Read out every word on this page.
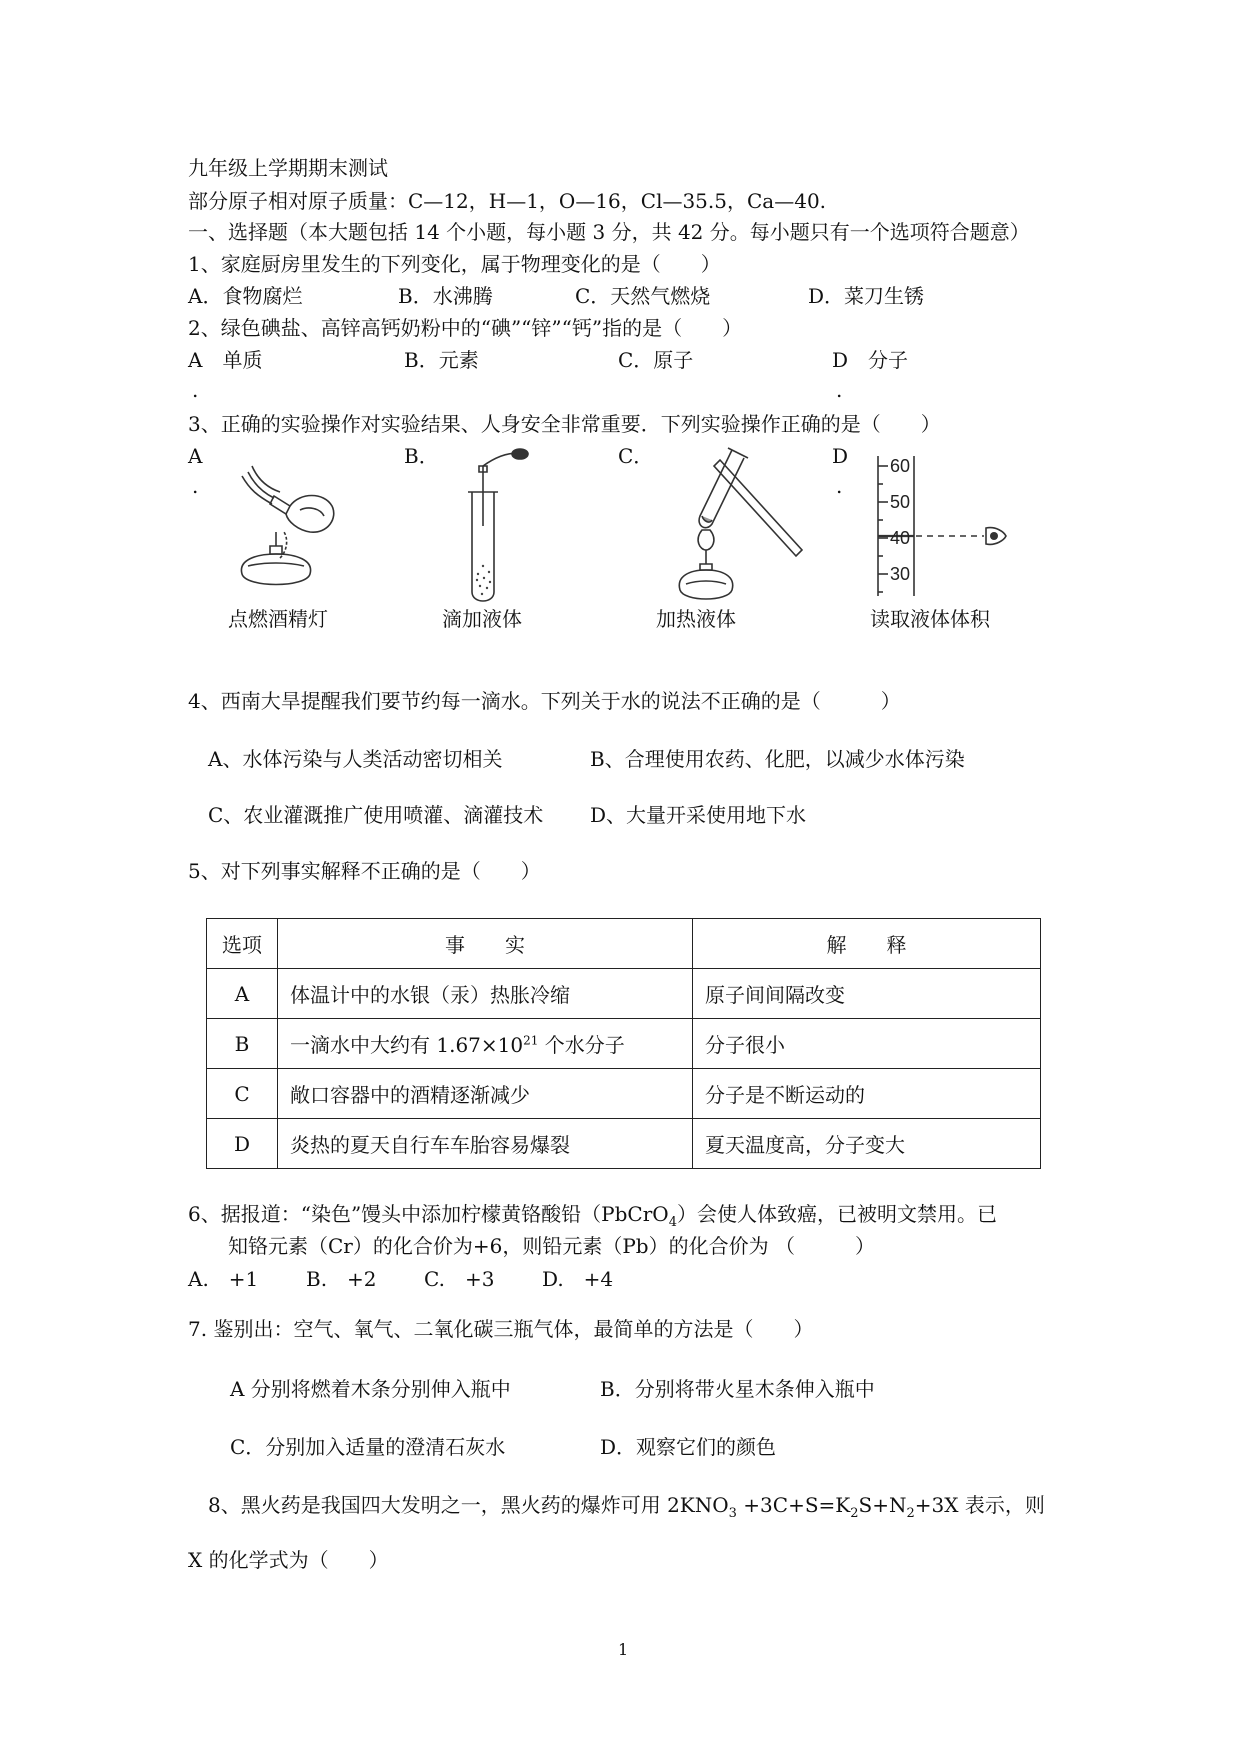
九年级上学期期末测试
部分原子相对原子质量：C—12，H—1，O—16，Cl—35.5，Ca—40.
一、选择题（本大题包括 14 个小题，每小题 3 分，共 42 分。每小题只有一个选项符合题意）
1、家庭厨房里发生的下列变化，属于物理变化的是（　　）
A．食物腐烂	B．水沸腾	C．天然气燃烧	D．菜刀生锈
2、绿色碘盐、高锌高钙奶粉中的“碘”“锌”“钙”指的是（　　）
A　单质	B．元素	C．原子	D　分子
.	.
3、正确的实验操作对实验结果、人身安全非常重要．下列实验操作正确的是（　　）
A	B．	C．	D
.	.
60
50
40
30
点燃酒精灯	滴加液体	加热液体	读取液体体积
4、西南大旱提醒我们要节约每一滴水。下列关于水的说法不正确的是（　　　）
A、水体污染与人类活动密切相关	B、合理使用农药、化肥，以减少水体污染
C、农业灌溉推广使用喷灌、滴灌技术 D、大量开采使用地下水
5、对下列事实解释不正确的是（　　）
选项	事　　实	解　　释
A	体温计中的水银（汞）热胀冷缩	原子间间隔改变
B	一滴水中大约有 $1.67\times 10^{21}$ 个水分子	分子很小
C	敞口容器中的酒精逐渐减少	分子是不断运动的
D	炎热的夏天自行车车胎容易爆裂	夏天温度高，分子变大
6、据报道：“染色”馒头中添加柠檬黄铬酸铅（PbCrO$_4$）会使人体致癌，已被明文禁用。已
知铬元素（Cr）的化合价为+6，则铅元素（Pb）的化合价为 （　　　）
A.　+1 B.　+2 C.　+3 D.　+4
7. 鉴别出：空气、氧气、二氧化碳三瓶气体，最简单的方法是（　　）
A 分别将燃着木条分别伸入瓶中	B．分别将带火星木条伸入瓶中
C．分别加入适量的澄清石灰水	D．观察它们的颜色
8、黑火药是我国四大发明之一，黑火药的爆炸可用 $2KNO_3 +3C+S=K_2S+N_2+3X$ 表示，则
X 的化学式为（　　）
1
